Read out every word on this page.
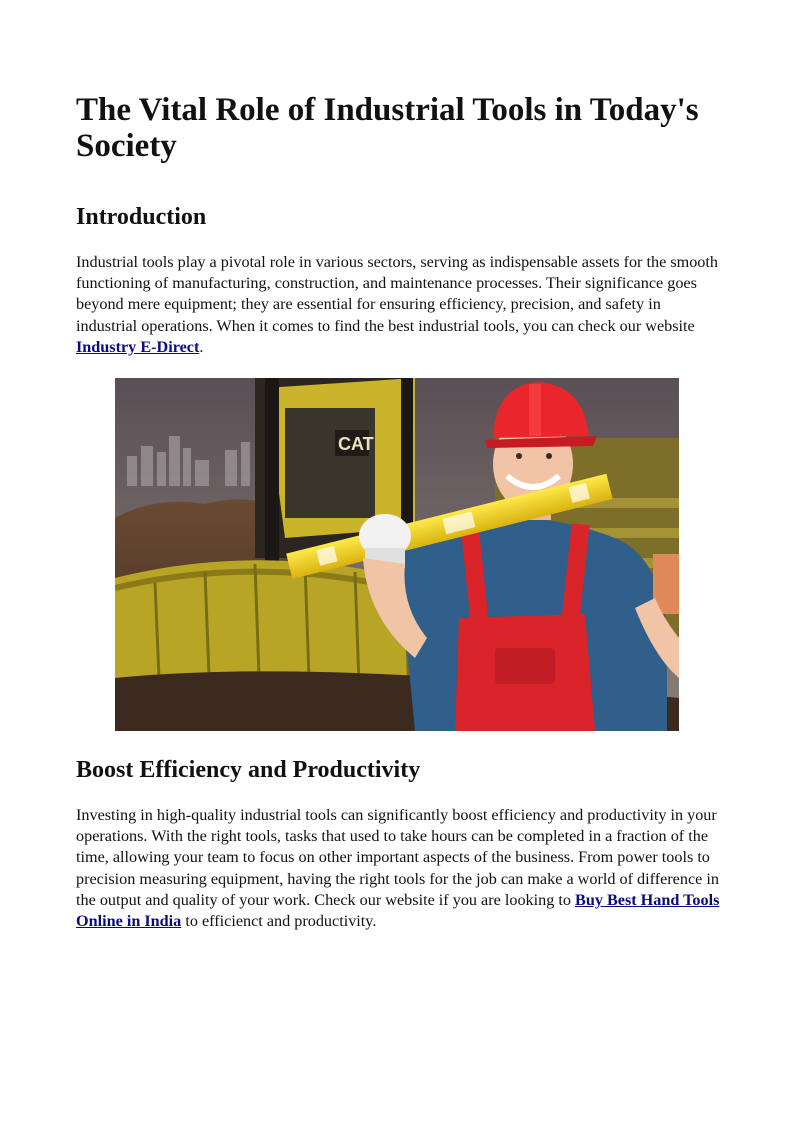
The Vital Role of Industrial Tools in Today's Society
Introduction

Industrial tools play a pivotal role in various sectors, serving as indispensable assets for the smooth functioning of manufacturing, construction, and maintenance processes. Their significance goes beyond mere equipment; they are essential for ensuring efficiency, precision, and safety in industrial operations. When it comes to find the best industrial tools, you can check our website Industry E-Direct.

CAT
Boost Efficiency and Productivity

Investing in high-quality industrial tools can significantly boost efficiency and productivity in your operations. With the right tools, tasks that used to take hours can be completed in a fraction of the time, allowing your team to focus on other important aspects of the business. From power tools to precision measuring equipment, having the right tools for the job can make a world of difference in the output and quality of your work. Check our website if you are looking to Buy Best Hand Tools Online in India to efficienct and productivity.
